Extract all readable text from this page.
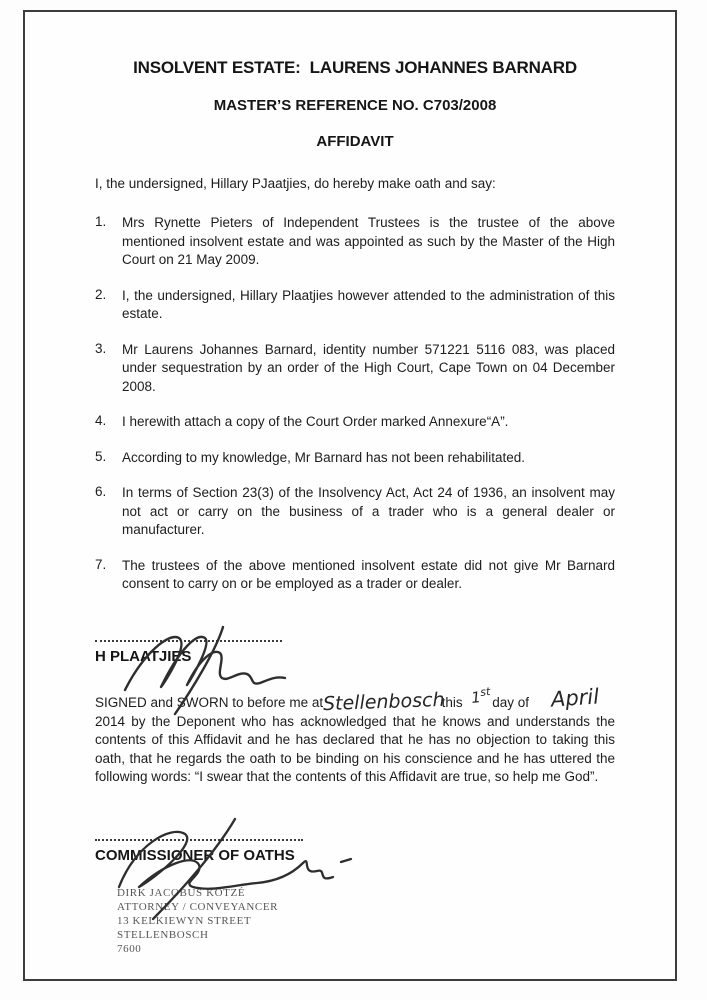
INSOLVENT ESTATE:  LAURENS JOHANNES BARNARD
MASTER’S REFERENCE NO. C703/2008
AFFIDAVIT
I, the undersigned, Hillary PJaatjies, do hereby make oath and say:
1.	Mrs Rynette Pieters of Independent Trustees is the trustee of the above mentioned insolvent estate and was appointed as such by the Master of the High Court on 21 May 2009.
2.	I, the undersigned, Hillary Plaatjies however attended to the administration of this estate.
3.	Mr Laurens Johannes Barnard, identity number 571221 5116 083, was placed under sequestration by an order of the High Court, Cape Town on 04 December 2008.
4.	I herewith attach a copy of the Court Order marked Annexure“A”.
5.	According to my knowledge, Mr Barnard has not been rehabilitated.
6.	In terms of Section 23(3) of the Insolvency Act, Act 24 of 1936, an insolvent may not act or carry on the business of a trader who is a general dealer or manufacturer.
7.	The trustees of the above mentioned insolvent estate did not give Mr Barnard consent to carry on or be employed as a trader or dealer.
H PLAATJIES
SIGNED and SWORN to before me atStellenboschthis 1stday of April
2014 by the Deponent who has acknowledged that he knows and understands the contents of this Affidavit and he has declared that he has no objection to taking this oath, that he regards the oath to be binding on his conscience and he has uttered the following words: “I swear that the contents of this Affidavit are true, so help me God”.
COMMISSIONER OF OATHS
DIRK JACOBUS KOTZÉ
ATTORNEY / CONVEYANCER
13 KELKIEWYN STREET
STELLENBOSCH
7600
